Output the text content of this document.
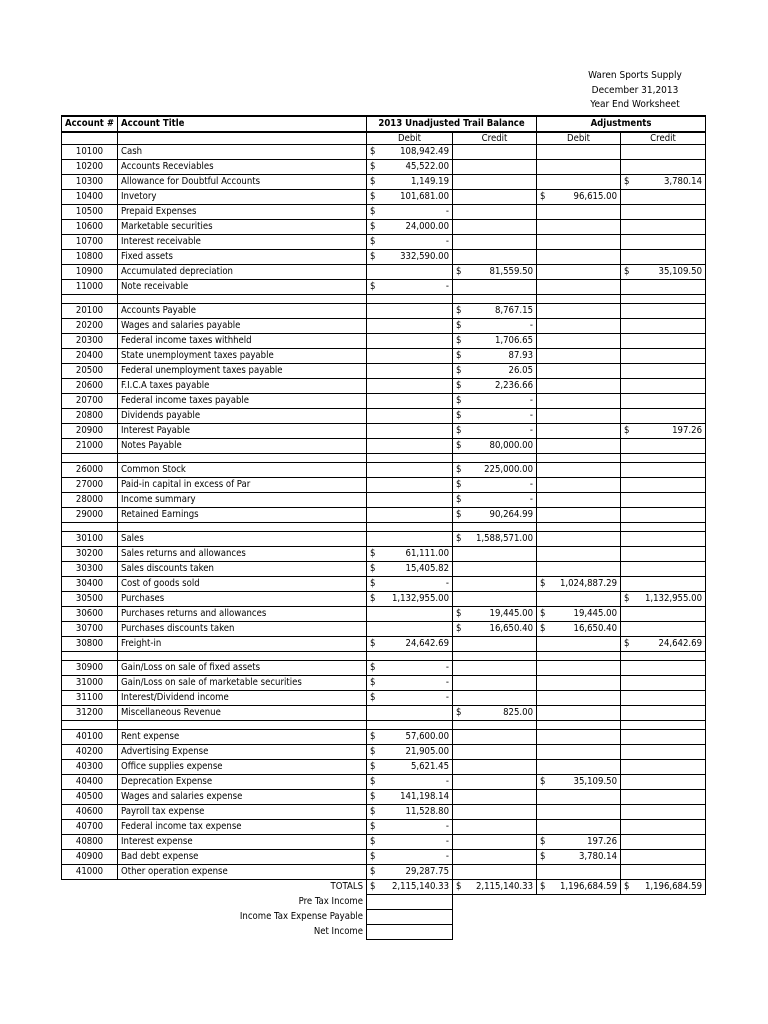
Waren Sports Supply
December 31,2013
Year End Worksheet
Account #	Account Title	2013 Unadjusted Trail Balance		Adjustments	
		Debit	Credit	Debit	Credit
10100	Cash	$ 108,942.49			

10200	Accounts Receviables	$ 45,522.00			

10300	Allowance for Doubtful Accounts	$ 1,149.19			$ 3,780.14

10400	Invetory	$ 101,681.00		$ 96,615.00	

10500	Prepaid Expenses	$ -			

10600	Marketable securities	$ 24,000.00			

10700	Interest receivable	$ -			

10800	Fixed assets	$ 332,590.00			

10900	Accumulated depreciation		$ 81,559.50		$ 35,109.50

11000	Note receivable	$ -			

20100	Accounts Payable		$ 8,767.15		

20200	Wages and salaries payable		$ -		

20300	Federal income taxes withheld		$ 1,706.65		

20400	State unemployment taxes payable		$ 87.93		

20500	Federal unemployment taxes payable		$ 26.05		

20600	F.I.C.A taxes payable		$ 2,236.66		

20700	Federal income taxes payable		$ -		

20800	Dividends payable		$ -		

20900	Interest Payable		$ -		$ 197.26

21000	Notes Payable		$ 80,000.00		

26000	Common Stock		$ 225,000.00		

27000	Paid-in capital in excess of Par		$ -		

28000	Income summary		$ -		

29000	Retained Earnings		$ 90,264.99		

30100	Sales		$ 1,588,571.00		

30200	Sales returns and allowances	$ 61,111.00			

30300	Sales discounts taken	$ 15,405.82			

30400	Cost of goods sold	$ -		$ 1,024,887.29	

30500	Purchases	$ 1,132,955.00			$ 1,132,955.00

30600	Purchases returns and allowances		$ 19,445.00	$ 19,445.00	

30700	Purchases discounts taken		$ 16,650.40	$ 16,650.40	

30800	Freight-in	$ 24,642.69			$ 24,642.69

30900	Gain/Loss on sale of fixed assets	$ -			

31000	Gain/Loss on sale of marketable securities	$ -			

31100	Interest/Dividend income	$ -			

31200	Miscellaneous Revenue		$ 825.00		

40100	Rent expense	$ 57,600.00			

40200	Advertising Expense	$ 21,905.00			

40300	Office supplies expense	$ 5,621.45			

40400	Deprecation Expense	$ -		$ 35,109.50	

40500	Wages and salaries expense	$ 141,198.14			

40600	Payroll tax expense	$ 11,528.80			

40700	Federal income tax expense	$ -			

40800	Interest expense	$ -		$ 197.26	

40900	Bad debt expense	$ -		$ 3,780.14	

41000	Other operation expense	$ 29,287.75			

TOTALS		$ 2,115,140.33	$ 2,115,140.33	$ 1,196,684.59	$ 1,196,684.59

Pre Tax Income					
Income Tax Expense Payable					
Net Income					
